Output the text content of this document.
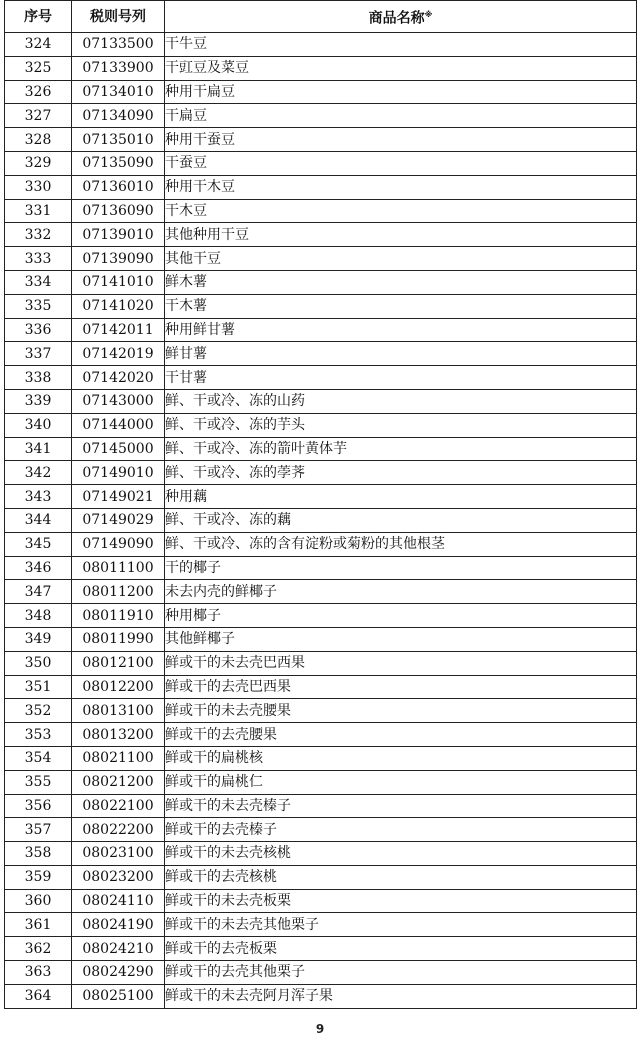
序号	税则号列	商品名称※
324	07133500	干牛豆
325	07133900	干豇豆及菜豆
326	07134010	种用干扁豆
327	07134090	干扁豆
328	07135010	种用干蚕豆
329	07135090	干蚕豆
330	07136010	种用干木豆
331	07136090	干木豆
332	07139010	其他种用干豆
333	07139090	其他干豆
334	07141010	鲜木薯
335	07141020	干木薯
336	07142011	种用鲜甘薯
337	07142019	鲜甘薯
338	07142020	干甘薯
339	07143000	鲜、干或冷、冻的山药
340	07144000	鲜、干或冷、冻的芋头
341	07145000	鲜、干或冷、冻的箭叶黄体芋
342	07149010	鲜、干或冷、冻的荸荠
343	07149021	种用藕
344	07149029	鲜、干或冷、冻的藕
345	07149090	鲜、干或冷、冻的含有淀粉或菊粉的其他根茎
346	08011100	干的椰子
347	08011200	未去内壳的鲜椰子
348	08011910	种用椰子
349	08011990	其他鲜椰子
350	08012100	鲜或干的未去壳巴西果
351	08012200	鲜或干的去壳巴西果
352	08013100	鲜或干的未去壳腰果
353	08013200	鲜或干的去壳腰果
354	08021100	鲜或干的扁桃核
355	08021200	鲜或干的扁桃仁
356	08022100	鲜或干的未去壳榛子
357	08022200	鲜或干的去壳榛子
358	08023100	鲜或干的未去壳核桃
359	08023200	鲜或干的去壳核桃
360	08024110	鲜或干的未去壳板栗
361	08024190	鲜或干的未去壳其他栗子
362	08024210	鲜或干的去壳板栗
363	08024290	鲜或干的去壳其他栗子
364	08025100	鲜或干的未去壳阿月浑子果
9
